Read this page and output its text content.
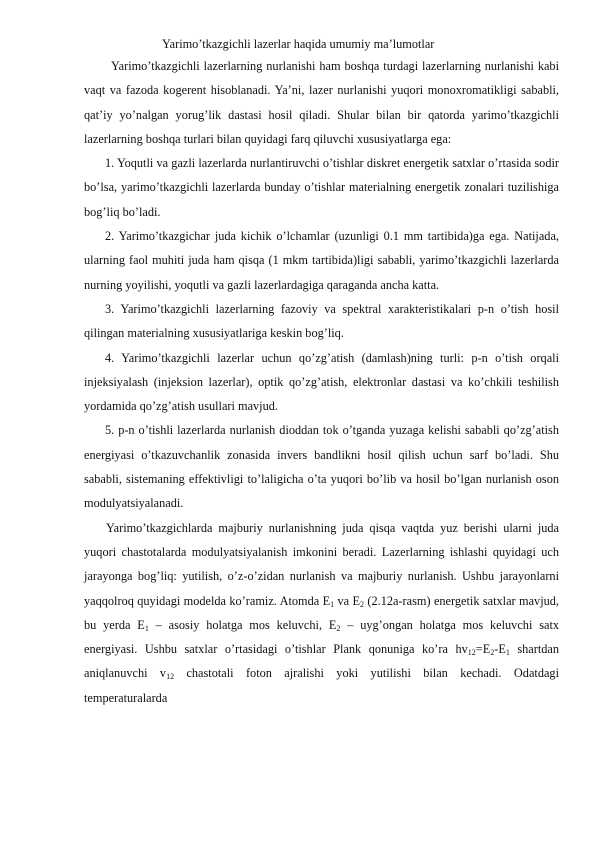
Yarimo’tkazgichli lazerlar haqida umumiy ma’lumotlar

Yarimo’tkazgichli lazerlarning nurlanishi ham boshqa turdagi lazerlarning nurlanishi kabi vaqt va fazoda kogerent hisoblanadi. Ya’ni, lazer nurlanishi yuqori monoxromatikligi sababli, qat’iy yo’nalgan yorug’lik dastasi hosil qiladi. Shular bilan bir qatorda yarimo’tkazgichli lazerlarning boshqa turlari bilan quyidagi farq qiluvchi xususiyatlarga ega:

1. Yoqutli va gazli lazerlarda nurlantiruvchi o’tishlar diskret energetik satxlar o’rtasida sodir bo’lsa, yarimo’tkazgichli lazerlarda bunday o’tishlar materialning energetik zonalari tuzilishiga bog’liq bo’ladi.

2. Yarimo’tkazgichar juda kichik o’lchamlar (uzunligi 0.1 mm tartibida)ga ega. Natijada, ularning faol muhiti juda ham qisqa (1 mkm tartibida)ligi sababli, yarimo’tkazgichli lazerlarda nurning yoyilishi, yoqutli va gazli lazerlardagiga qaraganda ancha katta.

3. Yarimo’tkazgichli lazerlarning fazoviy va spektral xarakteristikalari p-n o’tish hosil qilingan materialning xususiyatlariga keskin bog’liq.

4. Yarimo’tkazgichli lazerlar uchun qo’zg’atish (damlash)ning turli: p-n o’tish orqali injeksiyalash (injeksion lazerlar), optik qo’zg’atish, elektronlar dastasi va ko’chkili teshilish yordamida qo’zg’atish usullari mavjud.

5. p-n o’tishli lazerlarda nurlanish dioddan tok o’tganda yuzaga kelishi sababli qo’zg’atish energiyasi o’tkazuvchanlik zonasida invers bandlikni hosil qilish uchun sarf bo’ladi. Shu sababli, sistemaning effektivligi to’laligicha o’ta yuqori bo’lib va hosil bo’lgan nurlanish oson modulyatsiyalanadi.

Yarimo’tkazgichlarda majburiy nurlanishning juda qisqa vaqtda yuz berishi ularni juda yuqori chastotalarda modulyatsiyalanish imkonini beradi. Lazerlarning ishlashi quyidagi uch jarayonga bog’liq: yutilish, o’z-o’zidan nurlanish va majburiy nurlanish. Ushbu jarayonlarni yaqqolroq quyidagi modelda ko’ramiz. Atomda $E_1$ va $E_2$ (2.12a-rasm) energetik satxlar mavjud, bu yerda $E_1$ – asosiy holatga mos keluvchi, $E_2$ – uyg’ongan holatga mos keluvchi satx energiyasi. Ushbu satxlar o’rtasidagi o’tishlar Plank qonuniga ko’ra $hv_{12}=E_2-E_1$ shartdan aniqlanuvchi $v_{12}$ chastotali foton ajralishi yoki yutilishi bilan kechadi. Odatdagi temperaturalarda
